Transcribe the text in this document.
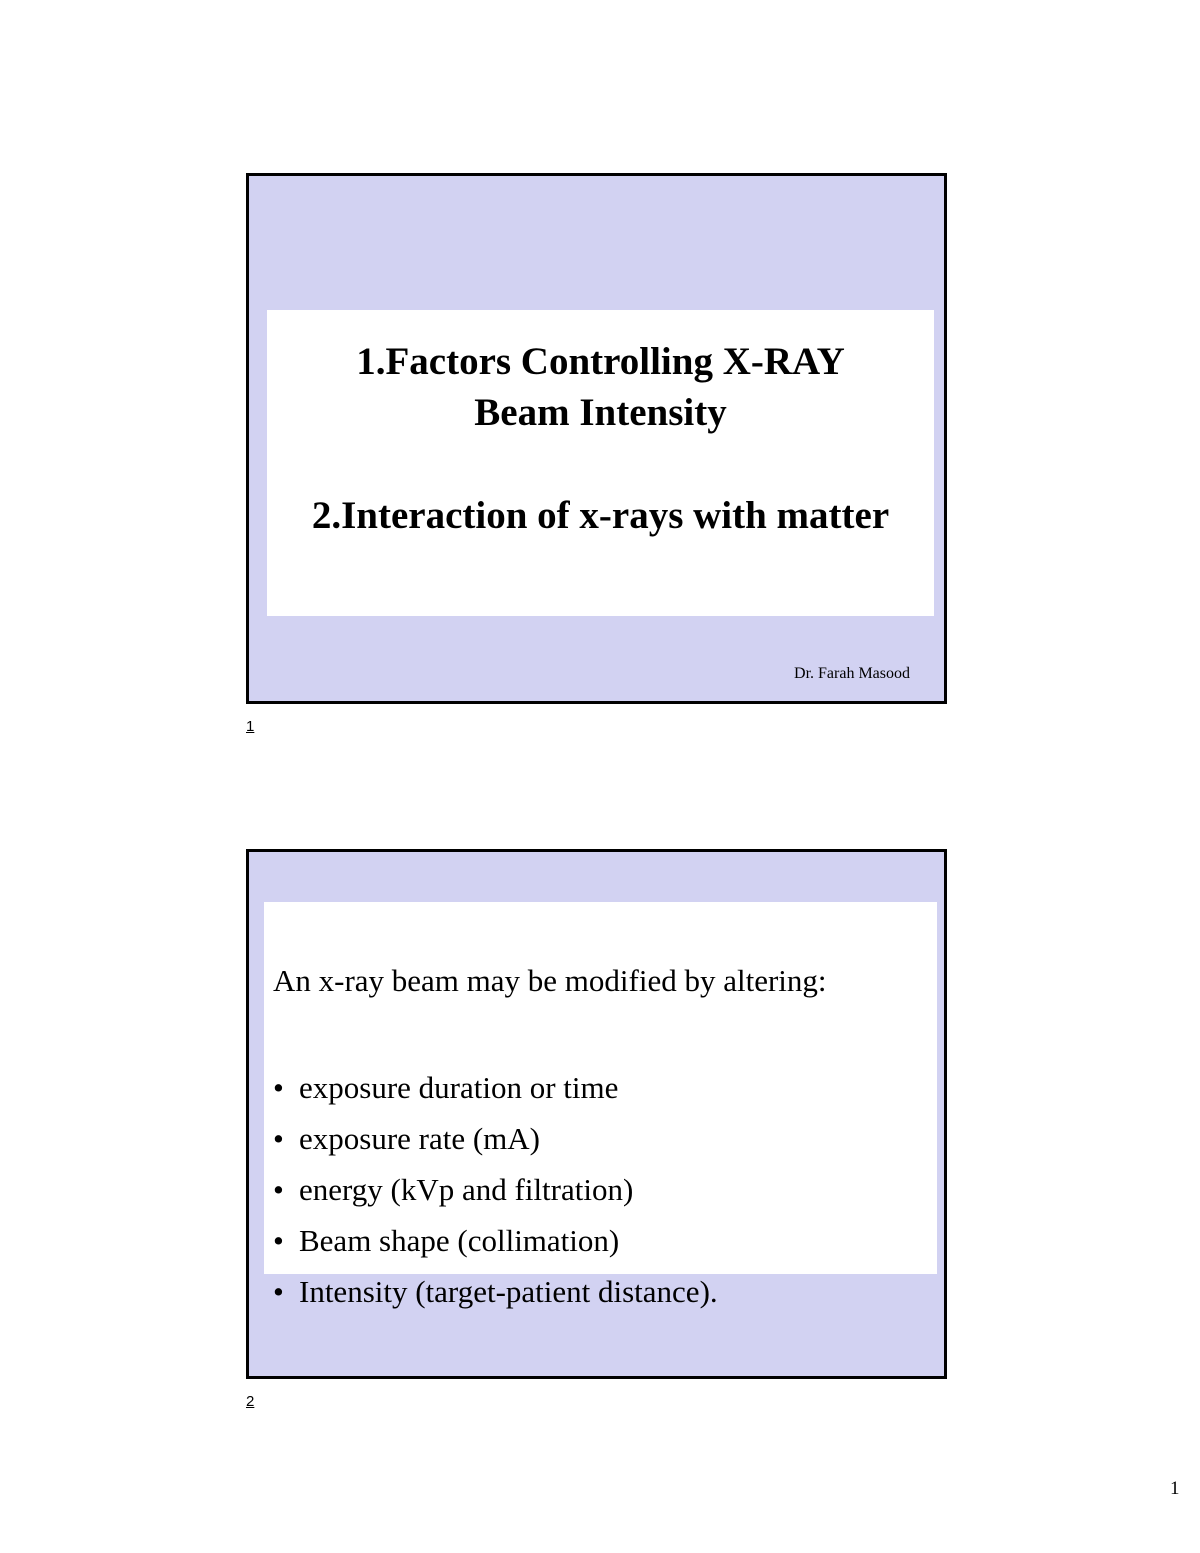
1.Factors Controlling X-RAY
Beam Intensity
2.Interaction of x-rays with matter
Dr. Farah Masood
1
An x-ray beam may be modified by altering:
• exposure duration or time
• exposure rate (mA)
• energy (kVp and filtration)
• Beam shape (collimation)
• Intensity (target-patient distance).
2
1
